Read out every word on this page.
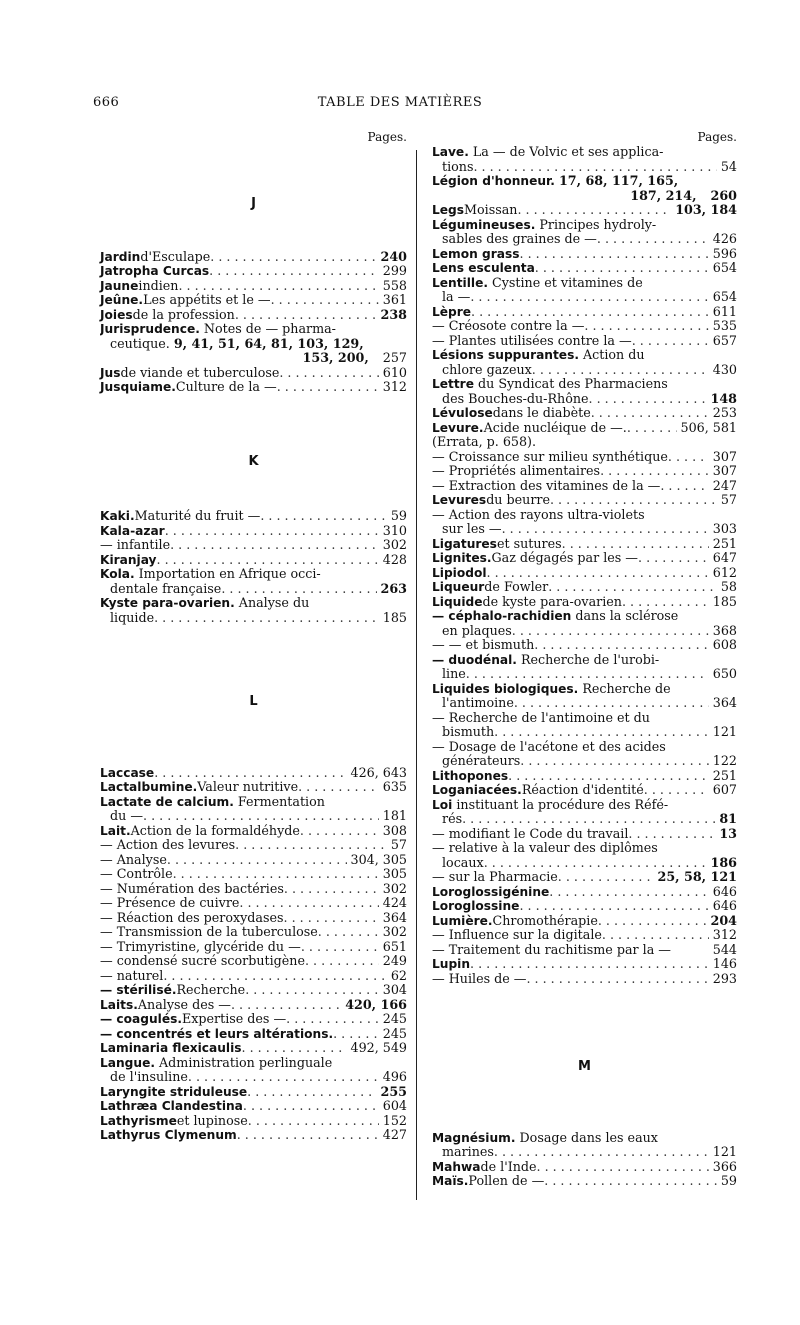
666	TABLE DES MATIÈRES
Pages.
J
Jardin d'Esculape . . .	240
Jatropha Curcas . . .	299
Jaune indien . . .	558
Jeûne. Les appétits et le — . . .	361
Joies de la profession . . .	238
Jurisprudence. Notes de — pharma-
ceutique. 9, 41, 51, 64, 81, 103, 129,
153, 200, 257
Jus de viande et tuberculose . . .	610
Jusquiame. Culture de la — . . .	312
K
Kaki. Maturité du fruit — . . .	59
Kala-azar . . .	310
— infantile . . .	302
Kiranjay . . .	428
Kola. Importation en Afrique occi-
dentale française . . .	263
Kyste para-ovarien. Analyse du
liquide . . .	185
L
Laccase . . .	426, 643
Lactalbumine. Valeur nutritive . . .	635
Lactate de calcium. Fermentation
du — . . .	181
Lait. Action de la formaldéhyde . . .	308
— Action des levures . . .	57
— Analyse . . .	304, 305
— Contrôle . . .	305
— Numération des bactéries . . .	302
— Présence de cuivre . . .	424
— Réaction des peroxydases . . .	364
— Transmission de la tuberculose . . .	302
— Trimyristine, glycéride du — . . .	651
— condensé sucré scorbutigène . . .	249
— naturel . . .	62
— stérilisé. Recherche . . .	304
Laits. Analyse des — . . .	420, 166
— coagulés. Expertise des — . . .	245
— concentrés et leurs altérations. . . .	245
Laminaria flexicaulis . . .	492, 549
Langue. Administration perlinguale
de l'insuline . . .	496
Laryngite striduleuse . . .	255
Lathræa Clandestina . . .	604
Lathyrisme et lupinose . . .	152
Lathyrus Clymenum . . .	427
Pages.
Lave. La — de Volvic et ses applica-
tions . . .	54
Légion d'honneur. 17, 68, 117, 165,
187, 214, 260
Legs Moissan . . .	103, 184
Légumineuses. Principes hydroly-
sables des graines de — . . .	426
Lemon grass . . .	596
Lens esculenta . . .	654
Lentille. Cystine et vitamines de
la — . . .	654
Lèpre . . .	611
— Créosote contre la — . . .	535
— Plantes utilisées contre la — . . .	657
Lésions suppurantes. Action du
chlore gazeux . . .	430
Lettre du Syndicat des Pharmaciens
des Bouches-du-Rhône . . .	148
Lévulose dans le diabète . . .	253
Levure. Acide nucléique de —. . . .	506, 581
(Errata, p. 658).
— Croissance sur milieu synthétique . . .	307
— Propriétés alimentaires . . .	307
— Extraction des vitamines de la — . . .	247
Levures du beurre . . .	57
— Action des rayons ultra-violets
sur les — . . .	303
Ligatures et sutures . . .	251
Lignites. Gaz dégagés par les — . . .	647
Lipiodol . . .	612
Liqueur de Fowler . . .	58
Liquide de kyste para-ovarien . . .	185
— céphalo-rachidien dans la sclérose
en plaques . . .	368
— — et bismuth . . .	608
— duodénal. Recherche de l'urobi-
line . . .	650
Liquides biologiques. Recherche de
l'antimoine . . .	364
— Recherche de l'antimoine et du
bismuth . . .	121
— Dosage de l'acétone et des acides
générateurs . . .	122
Lithopones . . .	251
Loganiacées. Réaction d'identité . . .	607
Loi instituant la procédure des Réfé-
rés . . .	81
— modifiant le Code du travail . . .	13
— relative à la valeur des diplômes
locaux . . .	186
— sur la Pharmacie . . .	25, 58, 121
Loroglossigénine . . .	646
Loroglossine . . .	646
Lumière. Chromothérapie . . .	204
— Influence sur la digitale . . .	312
— Traitement du rachitisme par la —	544
Lupin . . .	146
— Huiles de — . . .	293
M
Magnésium. Dosage dans les eaux
marines . . .	121
Mahwa de l'Inde . . .	366
Maïs. Pollen de — . . .	59
